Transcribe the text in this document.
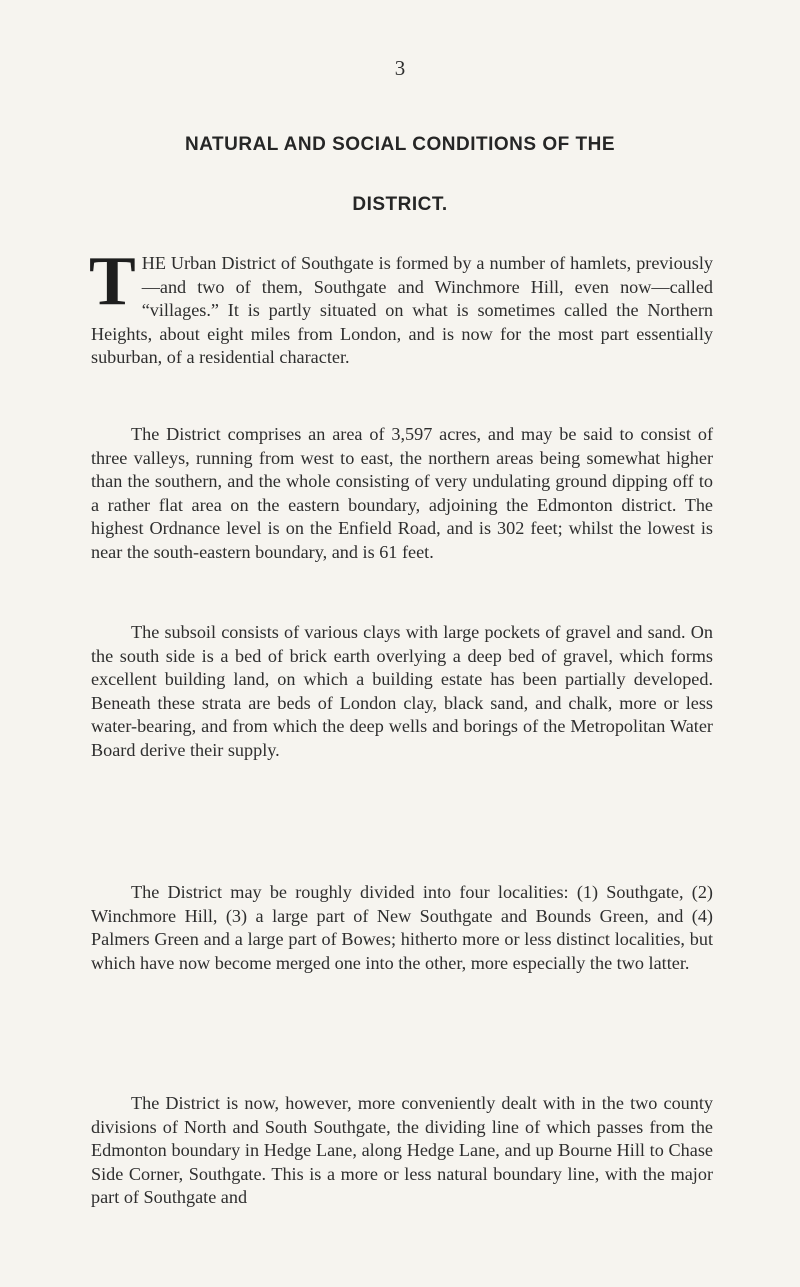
3
NATURAL AND SOCIAL CONDITIONS OF THE
DISTRICT.
THE Urban District of Southgate is formed by a number of hamlets, previously—and two of them, Southgate and Winchmore Hill, even now—called “villages.” It is partly situated on what is sometimes called the Northern Heights, about eight miles from London, and is now for the most part essentially suburban, of a residential character.
The District comprises an area of 3,597 acres, and may be said to consist of three valleys, running from west to east, the northern areas being somewhat higher than the southern, and the whole consisting of very undulating ground dipping off to a rather flat area on the eastern boundary, adjoining the Edmonton district. The highest Ordnance level is on the Enfield Road, and is 302 feet; whilst the lowest is near the south-eastern boundary, and is 61 feet.
The subsoil consists of various clays with large pockets of gravel and sand. On the south side is a bed of brick earth overlying a deep bed of gravel, which forms excellent building land, on which a building estate has been partially developed. Beneath these strata are beds of London clay, black sand, and chalk, more or less water-bearing, and from which the deep wells and borings of the Metropolitan Water Board derive their supply.
The District may be roughly divided into four localities: (1) Southgate, (2) Winchmore Hill, (3) a large part of New Southgate and Bounds Green, and (4) Palmers Green and a large part of Bowes; hitherto more or less distinct localities, but which have now become merged one into the other, more especially the two latter.
The District is now, however, more conveniently dealt with in the two county divisions of North and South Southgate, the dividing line of which passes from the Edmonton boundary in Hedge Lane, along Hedge Lane, and up Bourne Hill to Chase Side Corner, Southgate. This is a more or less natural boundary line, with the major part of Southgate and
